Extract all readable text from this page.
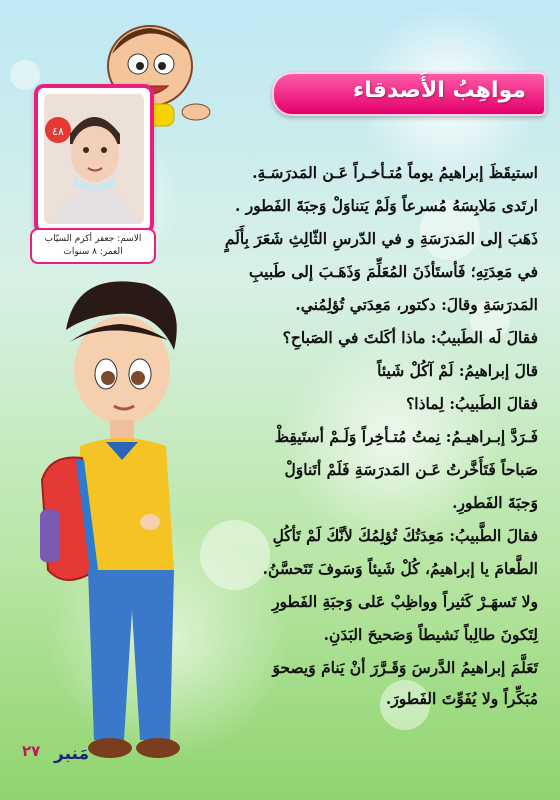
مواهِبُ الأَصدقاء
٤٨
الاسم: جعفر أكرم السيّاب
العمر: ٨ سنوات

استيقَظَ إبراهيمُ يوماً مُتـأخـراً عَـن المَدرَسَـةِ.

ارتَدى مَلابِسَهُ مُسرعاً وَلَمْ يَتناوَلْ وَجبَةَ الفَطور .

ذَهَبَ إلى المَدرَسَةِ و في الدّرسِ الثّالِثِ شَعَرَ بِأَلَمٍ

في مَعِدَتِهِ؛ فَأستَأذَنَ المُعَلِّمَ وَذَهَـبَ إلى طَبيبِ

المَدرَسَةِ وقالَ: دكتور، مَعِدَتي تُؤلِمُني.

فقالَ لَه الطَبيبُ: ماذا أكَلتَ في الصَباحِ؟

قالَ إبراهيمُ: لَمْ آكُلْ شَيئاً

فقالَ الطَبيبُ: لِماذا؟

فَـرَدَّ إبـراهيـمُ: نِمتُ مُتـأخِراً وَلَـمْ أستَيقِظْ

صَباحاً فَتَأَخَّرتُ عَـن المَدرَسَةِ فَلَمْ أتَناوَلْ

وَجبَةَ الفَطورِ.

فقالَ الطَّبيبُ: مَعِدَتُكَ تُؤلِمُكَ لأنَّكَ لَمْ تَأكُلِ

الطَّعامَ يا إبراهيمُ، كُلْ شَيئاً وَسَوفَ تَتَحسَّنُ.

ولا تَسهَـرْ كَثيراً وواظِبْ عَلى وَجبَةِ الفَطورِ

لِتَكونَ طالِباً نَشيطاً وَصَحيحَ البَدَنِ.

تَعَلَّمَ إبراهيمُ الدَّرسَ وَقَـرَّرَ أنْ يَنامَ وَيصحوَ

مُبَكِّراً ولا يُفَوِّتَ الفَطورَ.

٢٧ مَنبر
